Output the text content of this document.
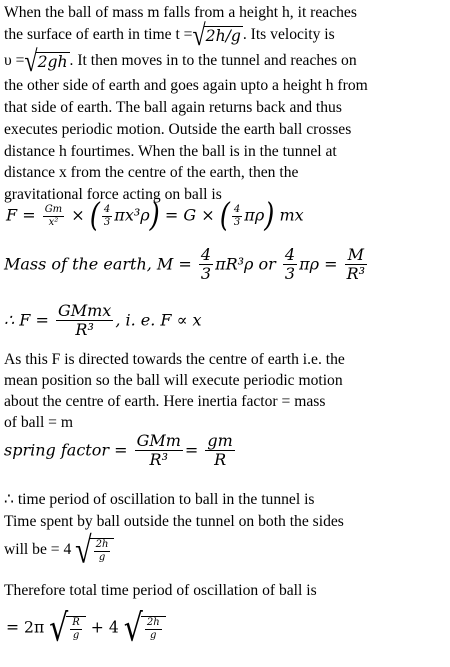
When the ball of mass m falls from a height h, it reaches
the surface of earth in time t =√2h/g . Its velocity is
υ =√2gh . It then moves in to the tunnel and reaches on
the other side of earth and goes again upto a height h from
that side of earth. The ball again returns back and thus
executes periodic motion. Outside the earth ball crosses
distance h fourtimes. When the ball is in the tunnel at
distance x from the centre of the earth, then the
gravitational force acting on ball is
$F = \frac{Gm}{\text{x²}}$ × ( $\frac{4}{3} \pi x^3\rho) = G$ × ( $\frac{4}{3} \pi\rho$) mx
Mass of the earth, $M = \frac{4}{3} \pi R^3\rho$ or $\frac{4}{3}$ $\pi\rho = \frac{M}{\text{R³}}$
∴ $F = \frac{\text{GMmx}}{\text{R³}}$ , i. e. F ∝ x
As this F is directed towards the centre of earth i.e. the
mean position so the ball will execute periodic motion
about the centre of earth. Here inertia factor = mass
of ball = m
spring factor = $\frac{\text{GMm}}{\text{R³}} = \frac{gm}{R}$
∴ time period of oscillation to ball in the tunnel is
Time spent by ball outside the tunnel on both the sides
will be = 4 √ $\frac{2h}{g}$
Therefore total time period of oscillation of ball is
= 2π √ $\frac{R}{g} + 4$ √ $\frac{2h}{g}$
